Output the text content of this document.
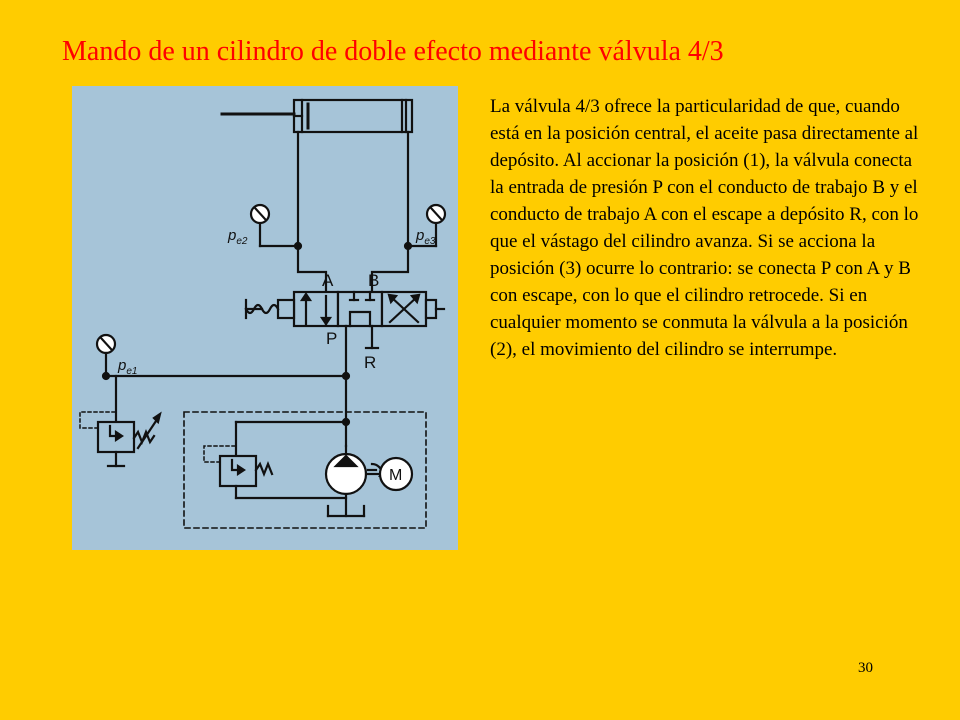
Mando de un cilindro de doble efecto mediante válvula 4/3
$p_{e2}$	$p_{e3}$
$p_{e1}$
A B
P
R
M

La válvula 4/3 ofrece la particularidad de que, cuando está en la posición central, el aceite pasa directamente al depósito. Al accionar la posición (1), la válvula conecta la entrada de presión P con el conducto de trabajo B y el conducto de trabajo A con el escape a depósito R, con lo que el vástago del cilindro avanza. Si se acciona la posición (3) ocurre lo contrario: se conecta P con A y B con escape, con lo que el cilindro retrocede. Si en cualquier momento se conmuta la válvula a la posición (2), el movimiento del cilindro se interrumpe.

30
